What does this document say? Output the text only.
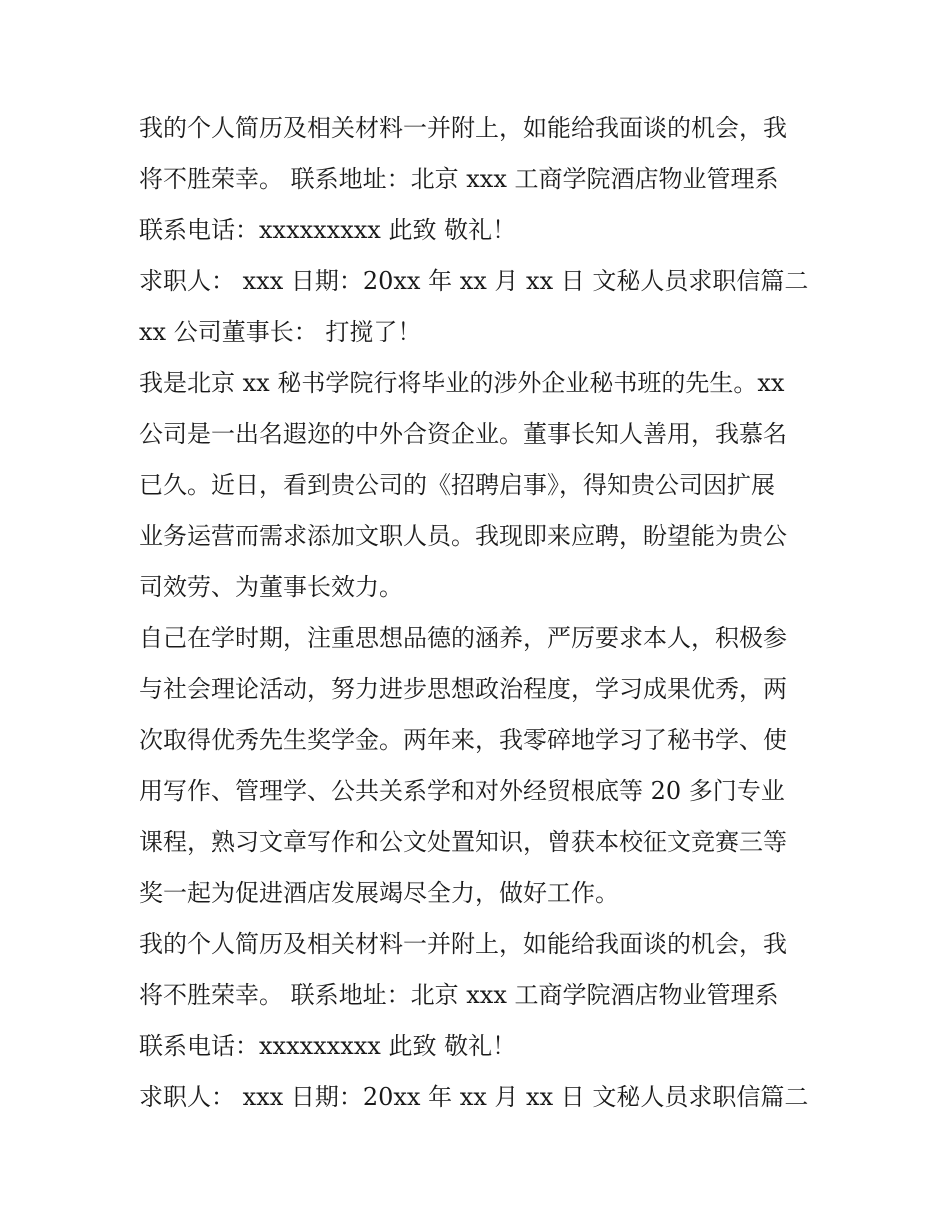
我的个人简历及相关材料一并附上，如能给我面谈的机会，我
将不胜荣幸。 联系地址：北京 xxx 工商学院酒店物业管理系
联系电话：xxxxxxxxx 此致 敬礼！
求职人： xxx 日期：20xx 年 xx 月 xx 日 文秘人员求职信篇二
xx 公司董事长： 打搅了！
我是北京 xx 秘书学院行将毕业的涉外企业秘书班的先生。xx
公司是一出名遐迩的中外合资企业。董事长知人善用，我慕名
已久。近日，看到贵公司的《招聘启事》，得知贵公司因扩展
业务运营而需求添加文职人员。我现即来应聘，盼望能为贵公
司效劳、为董事长效力。
自己在学时期，注重思想品德的涵养，严厉要求本人，积极参
与社会理论活动，努力进步思想政治程度，学习成果优秀，两
次取得优秀先生奖学金。两年来，我零碎地学习了秘书学、使
用写作、管理学、公共关系学和对外经贸根底等 20 多门专业
课程，熟习文章写作和公文处置知识，曾获本校征文竞赛三等
奖一起为促进酒店发展竭尽全力，做好工作。
我的个人简历及相关材料一并附上，如能给我面谈的机会，我
将不胜荣幸。 联系地址：北京 xxx 工商学院酒店物业管理系
联系电话：xxxxxxxxx 此致 敬礼！
求职人： xxx 日期：20xx 年 xx 月 xx 日 文秘人员求职信篇二
